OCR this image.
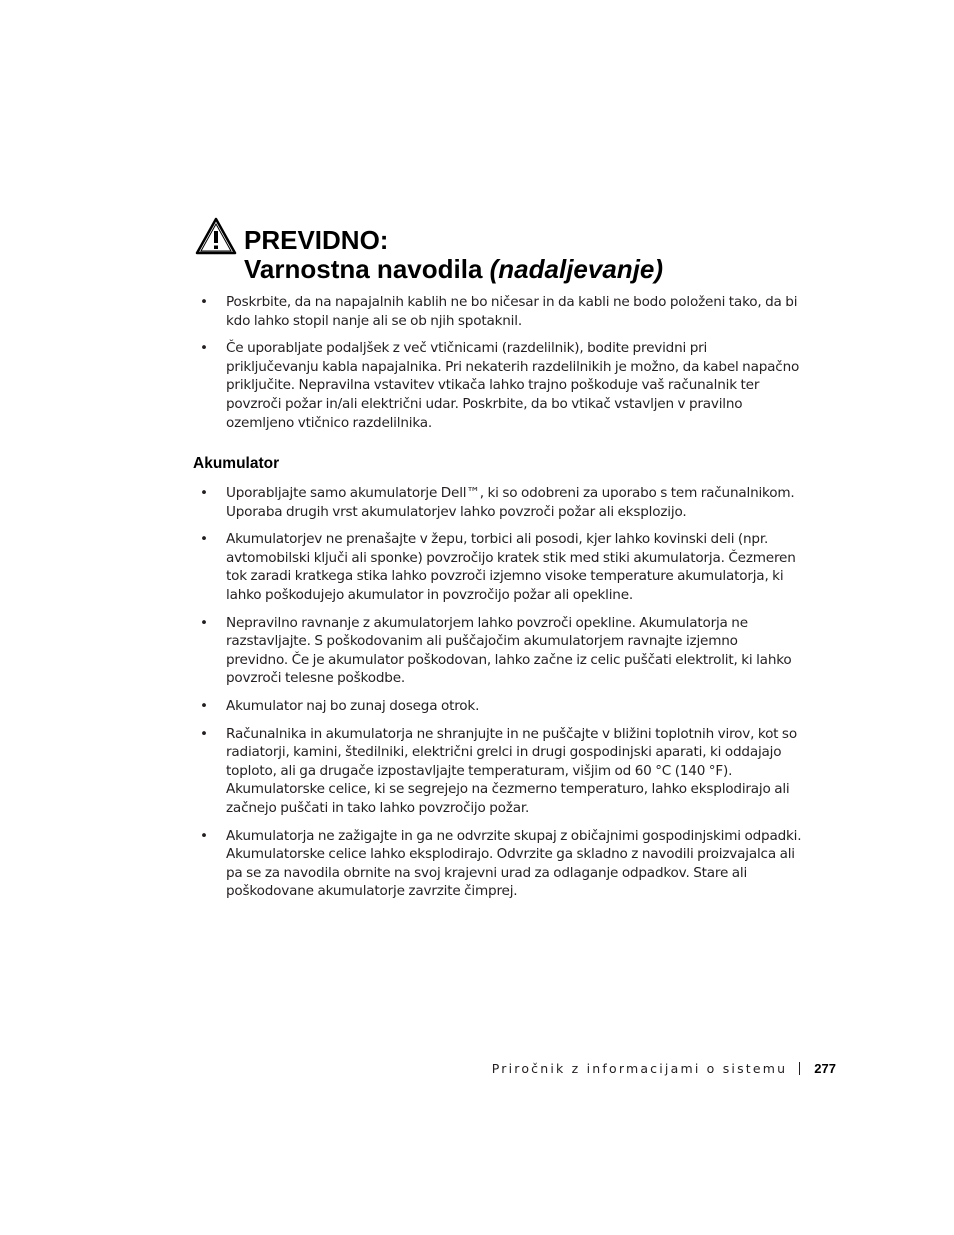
PREVIDNO:
Varnostna navodila (nadaljevanje)
• Poskrbite, da na napajalnih kablih ne bo ničesar in da kabli ne bodo položeni tako, da bi kdo lahko stopil nanje ali se ob njih spotaknil.
• Če uporabljate podaljšek z več vtičnicami (razdelilnik), bodite previdni pri priključevanju kabla napajalnika. Pri nekaterih razdelilnikih je možno, da kabel napačno priključite. Nepravilna vstavitev vtikača lahko trajno poškoduje vaš računalnik ter povzroči požar in/ali električni udar. Poskrbite, da bo vtikač vstavljen v pravilno ozemljeno vtičnico razdelilnika.
Akumulator
• Uporabljajte samo akumulatorje Dell™, ki so odobreni za uporabo s tem računalnikom. Uporaba drugih vrst akumulatorjev lahko povzroči požar ali eksplozijo.
• Akumulatorjev ne prenašajte v žepu, torbici ali posodi, kjer lahko kovinski deli (npr. avtomobilski ključi ali sponke) povzročijo kratek stik med stiki akumulatorja. Čezmeren tok zaradi kratkega stika lahko povzroči izjemno visoke temperature akumulatorja, ki lahko poškodujejo akumulator in povzročijo požar ali opekline.
• Nepravilno ravnanje z akumulatorjem lahko povzroči opekline. Akumulatorja ne razstavljajte. S poškodovanim ali puščajočim akumulatorjem ravnajte izjemno previdno. Če je akumulator poškodovan, lahko začne iz celic puščati elektrolit, ki lahko povzroči telesne poškodbe.
• Akumulator naj bo zunaj dosega otrok.
• Računalnika in akumulatorja ne shranjujte in ne puščajte v bližini toplotnih virov, kot so radiatorji, kamini, štedilniki, električni grelci in drugi gospodinjski aparati, ki oddajajo toploto, ali ga drugače izpostavljajte temperaturam, višjim od 60 °C (140 °F). Akumulatorske celice, ki se segrejejo na čezmerno temperaturo, lahko eksplodirajo ali začnejo puščati in tako lahko povzročijo požar.
• Akumulatorja ne zažigajte in ga ne odvrzite skupaj z običajnimi gospodinjskimi odpadki. Akumulatorske celice lahko eksplodirajo. Odvrzite ga skladno z navodili proizvajalca ali pa se za navodila obrnite na svoj krajevni urad za odlaganje odpadkov. Stare ali poškodovane akumulatorje zavrzite čimprej.
Priročnik z informacijami o sistemu 277
